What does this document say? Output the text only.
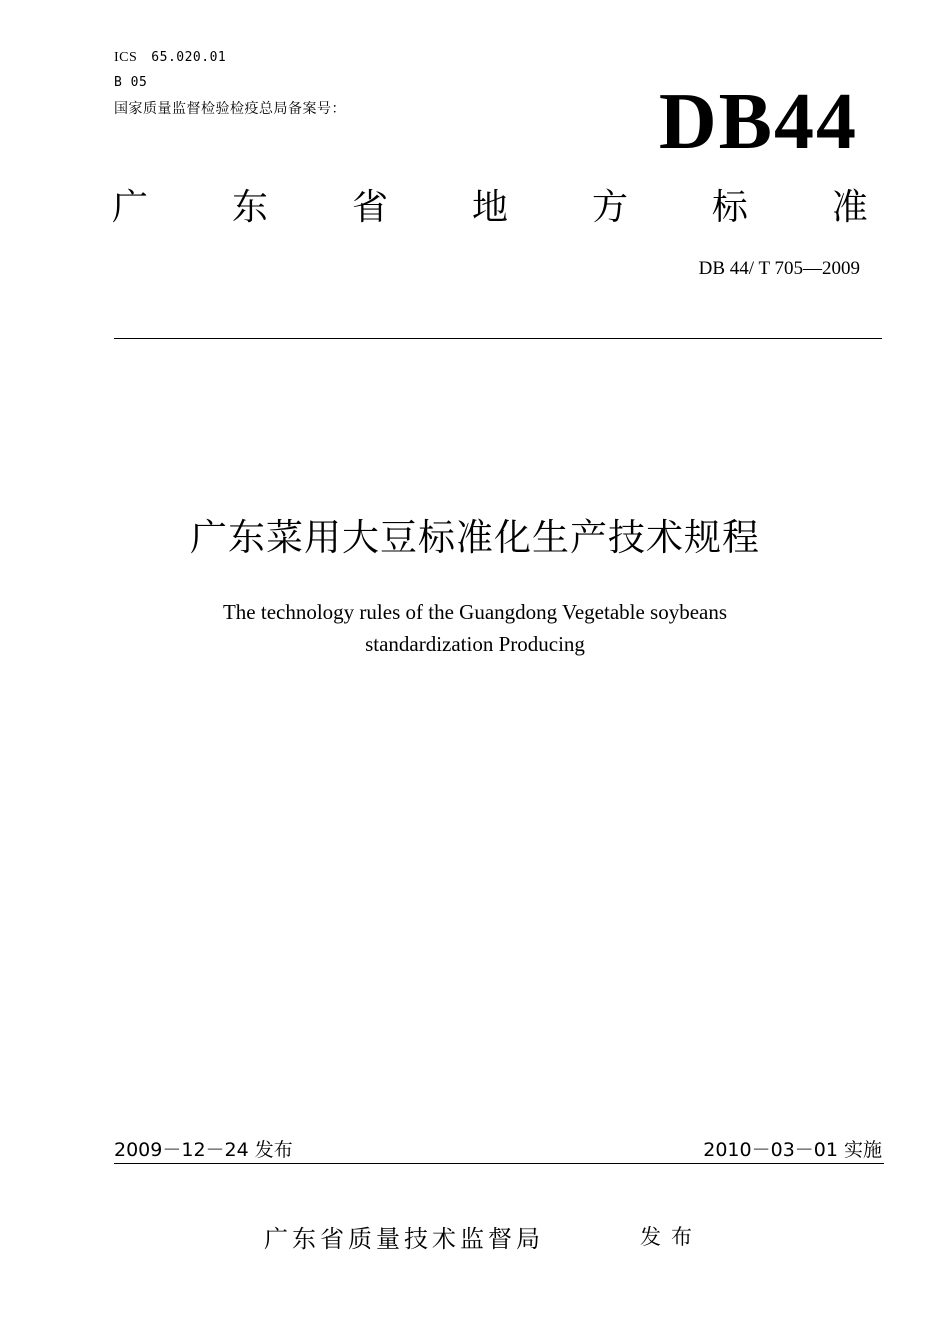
ICS 65.020.01
B 05
国家质量监督检验检疫总局备案号：	DB44
广 东 省 地 方 标 准
DB 44/ T 705—2009
广东菜用大豆标准化生产技术规程
The technology rules of the Guangdong Vegetable soybeans
standardization Producing
2009－12－24 发布	2010－03－01 实施
广东省质量技术监督局	发布
